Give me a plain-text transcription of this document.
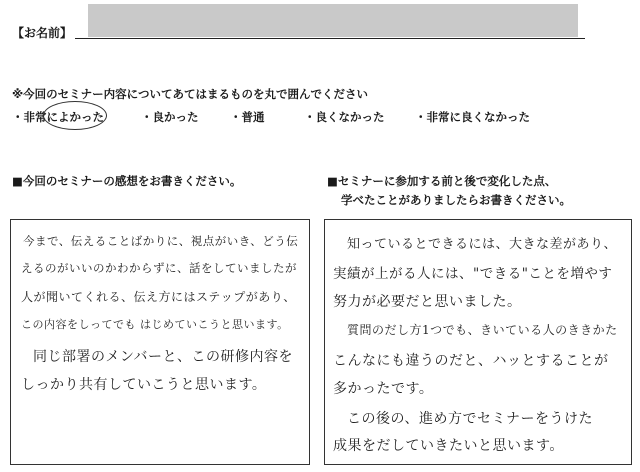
【お名前】
※今回のセミナー内容についてあてはまるものを丸で囲んでください
・非常によかった	・良かった	・普通	・良くなかった	・非常に良くなかった
■今回のセミナーの感想をお書きください。
今まで、伝えることばかりに、視点がいき、どう伝
えるのがいいのかわからずに、話をしていましたが
人が聞いてくれる、伝え方にはステップがあり、
この内容をしってでも はじめていこうと思います。
同じ部署のメンバーと、この研修内容を
しっかり共有していこうと思います。
■セミナーに参加する前と後で変化した点、
学べたことがありましたらお書きください。
知っているとできるには、大きな差があり、
実績が上がる人には、"できる"ことを増やす
努力が必要だと思いました。
質問のだし方1つでも、きいている人のききかた
こんなにも違うのだと、ハッとすることが
多かったです。
この後の、進め方でセミナーをうけた
成果をだしていきたいと思います。
